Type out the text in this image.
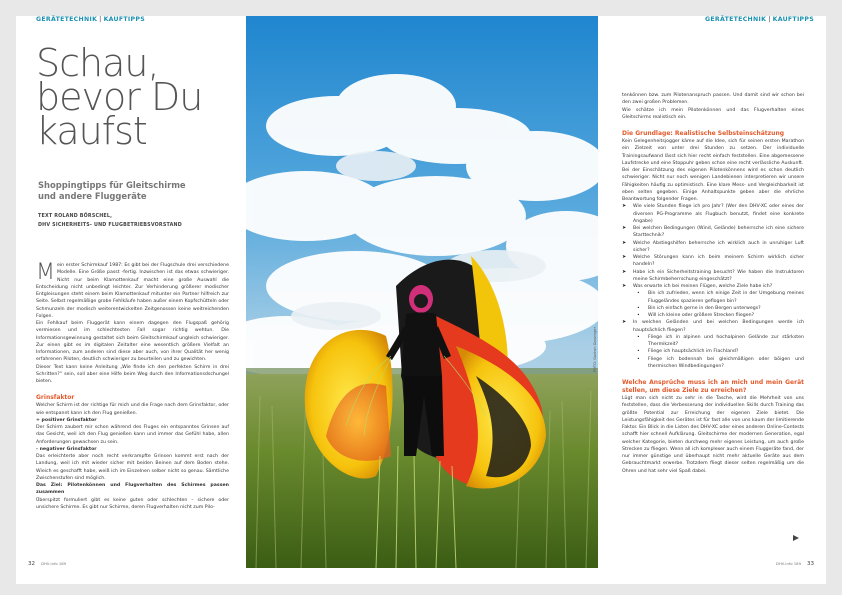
GERÄTETECHNIK | KAUFTIPPS	GERÄTETECHNIK | KAUFTIPPS
Schau,
bevor Du
kaufst
Shoppingtipps für Gleitschirme
und andere Fluggeräte
TEXT ROLAND BÖRSCHEL,
DHV SICHERHEITS- UND FLUGBETRIEBSVORSTAND

Mein erster Schirmkauf 1987: Es gibt bei der Flugschule drei verschiedene Modelle. Eine Größe passt -fertig. Inzwischen ist das etwas schwieriger. Nicht nur beim Klamottenkauf macht eine große Auswahl die Entscheidung nicht unbedingt leichter. Zur Verhinderung größerer modischer Entgleisungen steht einem beim Klamottenkauf mitunter ein Partner hilfreich zur Seite. Selbst regelmäßige grobe Fehlkäufe haben außer einem Kopfschütteln oder Schmunzeln der modisch weiterentwickelten Zeitgenossen keine weitreichenden Folgen.

Ein Fehlkauf beim Fluggerät kann einem dagegen den Flugspaß gehörig vermiesen und im schlechtesten Fall sogar richtig wehtun. Die Informationsgewinnung gestaltet sich beim Gleitschirmkauf ungleich schwieriger. Zur einen gibt es im digitalen Zeitalter eine wesentlich größere Vielfalt an Informationen, zum anderen sind diese aber auch, von ihrer Qualität her wenig erfahrenen Piloten, deutlich schwieriger zu beurteilen und zu gewichten.

Dieser Text kann keine Anleitung „Wie finde ich den perfekten Schirm in drei Schritten?“ sein, soll aber eine Hilfe beim Weg durch den Informationsdschungel bieten.

Grinsfaktor

Welcher Schirm ist der richtige für mich und die Frage nach dem Grinsfaktor, oder wie entspannt kann ich den Flug genießen.

+ positiver Grinsfaktor

Der Schirm zaubert mir schon während des Fluges ein entspanntes Grinsen auf das Gesicht, weil ich den Flug genießen kann und immer das Gefühl habe, allen Anforderungen gewachsen zu sein.

- negativer Grinsfaktor

Das erleichterte aber noch recht verkrampfte Grinsen kommt erst nach der Landung, weil ich mit wieder sicher mit beiden Beinen auf dem Boden stehe. Wieich es geschafft habe, weiß ich im Einzelnen selber nicht so genau. Sämtliche Zwischenstufen sind möglich.

Das Ziel: Pilotenkönnen und Flugverhalten des Schirmes passen zusammen

Überspitzt formuliert gibt es keine guten oder schlechten – sichere oder unsichere Schirme. Es gibt nur Schirme, deren Flugverhalten nicht zum Pilo-

FOTO: Gudrun Ganzinger

tenkönnen bzw. zum Pilotenanspruch passen. Und damit sind wir schon bei den zwei großen Problemen.

Wie schätze ich mein Pilotenkönnen und das Flugverhalten eines Gleitschirms realistisch ein.

Die Grundlage: Realistische Selbsteinschätzung

Kein Gelegenheitsjogger käme auf die Idee, sich für seinen ersten Marathon ein Zielzeit von unter drei Stunden zu setzen. Der individuelle Trainingsaufwand lässt sich hier recht einfach feststellen. Eine abgemessene Laufstrecke und eine Stoppuhr geben schon eine recht verlässliche Auskunft.

Bei der Einschätzung des eigenen Pilotenkönnens wird es schon deutlich schwieriger. Nicht nur noch wenigen Landebienen interpretieren wir unsere Fähigkeiten häufig zu optimistisch. Eine klare Mess- und Vergleichbarkeit ist eben selten gegeben. Einige Anhaltspunkte geben aber die ehrliche Beantwortung folgender Fragen.

➤ Wie viele Stunden fliege ich pro Jahr? (Wer den DHV-XC oder eines der diversen PG-Programme als Flugbuch benutzt, findet eine konkrete Angabe)
➤ Bei welchen Bedingungen (Wind, Gelände) beherrsche ich eine sichere Starttechnik?
➤ Welche Abstiegshilfen beherrsche ich wirklich auch in unruhiger Luft sicher?
➤ Welche Störungen kann ich beim meinem Schirm wirklich sicher handeln?
➤ Habe ich ein Sicherheitstraining besucht? Wie haben die Instruktoren meine Schirmbeherrschung eingeschätzt?
➤ Was erwarte ich bei meinen Flügen, welche Ziele habe ich?
• Bin ich zufrieden, wenn ich einige Zeit in der Umgebung meines Fluggeländes spazieren geflogen bin?
• Bin ich einfach gerne in den Bergen unterwegs?
• Will ich kleine oder größere Strecken fliegen?
➤ In welchen Geländen und bei welchen Bedingungen werde ich hauptsächlich fliegen?
• Fliege ich in alpinen und hochalpinen Gelände zur stärksten Thermikzeit?
• Fliege ich hauptsächlich im Flachland?
• Fliege ich bodennah bei gleichmäßigen oder böigen und thermischen Windbedingungen?
Welche Ansprüche muss ich an mich und mein Gerät stellen, um diese Ziele zu erreichen?

Lügt man sich nicht zu sehr in die Tasche, wird die Mehrheit von uns feststellen, dass die Verbesserung der individuellen Skills durch Training das größte Potential zur Erreichung der eigenen Ziele bietet. Die Leistungsfähigkeit des Gerätes ist für fast alle von uns kaum der limitierende Faktor. Ein Blick in die Listen des DHV-XC oder eines anderen Online-Contests schafft hier schnell Aufklärung. Gleitschirme der modernen Generation, egal welcher Kategorie, bieten durchweg mehr eigenes Leistung, um auch große Strecken zu fliegen. Wenn all ich komplexer auch einem Fluggeräte fand, der nur immer günstige und überhaupt nicht mehr aktuelle Geräte aus dem Gebrauchtmarkt erwerbe. Trotzdem fliegt dieser selten regelmäßig um die Ohren und hat sehr viel Spaß dabei.

32 DHV-info 189	DHV-info 189 33
